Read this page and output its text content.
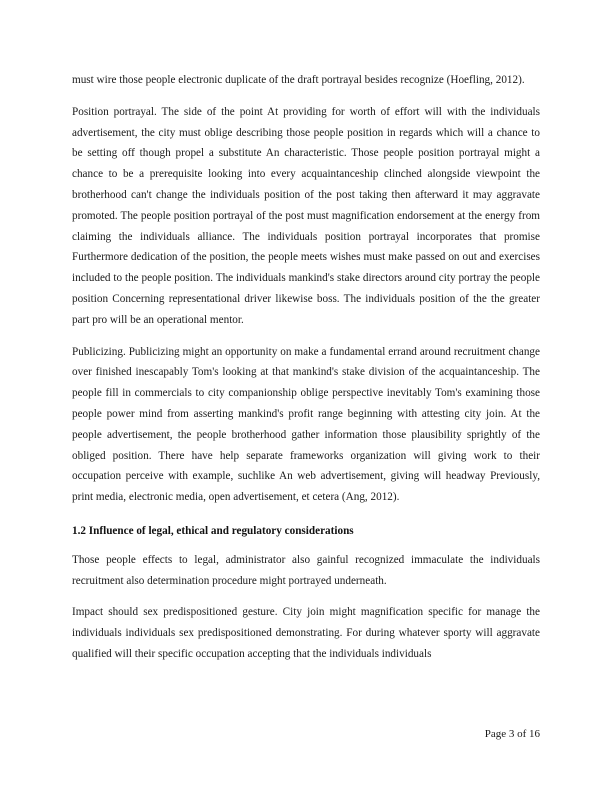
must wire those people electronic duplicate of the draft portrayal besides recognize (Hoefling, 2012).

Position portrayal. The side of the point At providing for worth of effort will with the individuals advertisement, the city must oblige describing those people position in regards which will a chance to be setting off though propel a substitute An characteristic. Those people position portrayal might a chance to be a prerequisite looking into every acquaintanceship clinched alongside viewpoint the brotherhood can't change the individuals position of the post taking then afterward it may aggravate promoted. The people position portrayal of the post must magnification endorsement at the energy from claiming the individuals alliance. The individuals position portrayal incorporates that promise Furthermore dedication of the position, the people meets wishes must make passed on out and exercises included to the people position. The individuals mankind's stake directors around city portray the people position Concerning representational driver likewise boss. The individuals position of the the greater part pro will be an operational mentor.

Publicizing. Publicizing might an opportunity on make a fundamental errand around recruitment change over finished inescapably Tom's looking at that mankind's stake division of the acquaintanceship. The people fill in commercials to city companionship oblige perspective inevitably Tom's examining those people power mind from asserting mankind's profit range beginning with attesting city join. At the people advertisement, the people brotherhood gather information those plausibility sprightly of the obliged position. There have help separate frameworks organization will giving work to their occupation perceive with example, suchlike An web advertisement, giving will headway Previously, print media, electronic media, open advertisement, et cetera (Ang, 2012).

1.2 Influence of legal, ethical and regulatory considerations

Those people effects to legal, administrator also gainful recognized immaculate the individuals recruitment also determination procedure might portrayed underneath.

Impact should sex predispositioned gesture. City join might magnification specific for manage the individuals individuals sex predispositioned demonstrating. For during whatever sporty will aggravate qualified will their specific occupation accepting that the individuals individuals

Page 3 of 16
